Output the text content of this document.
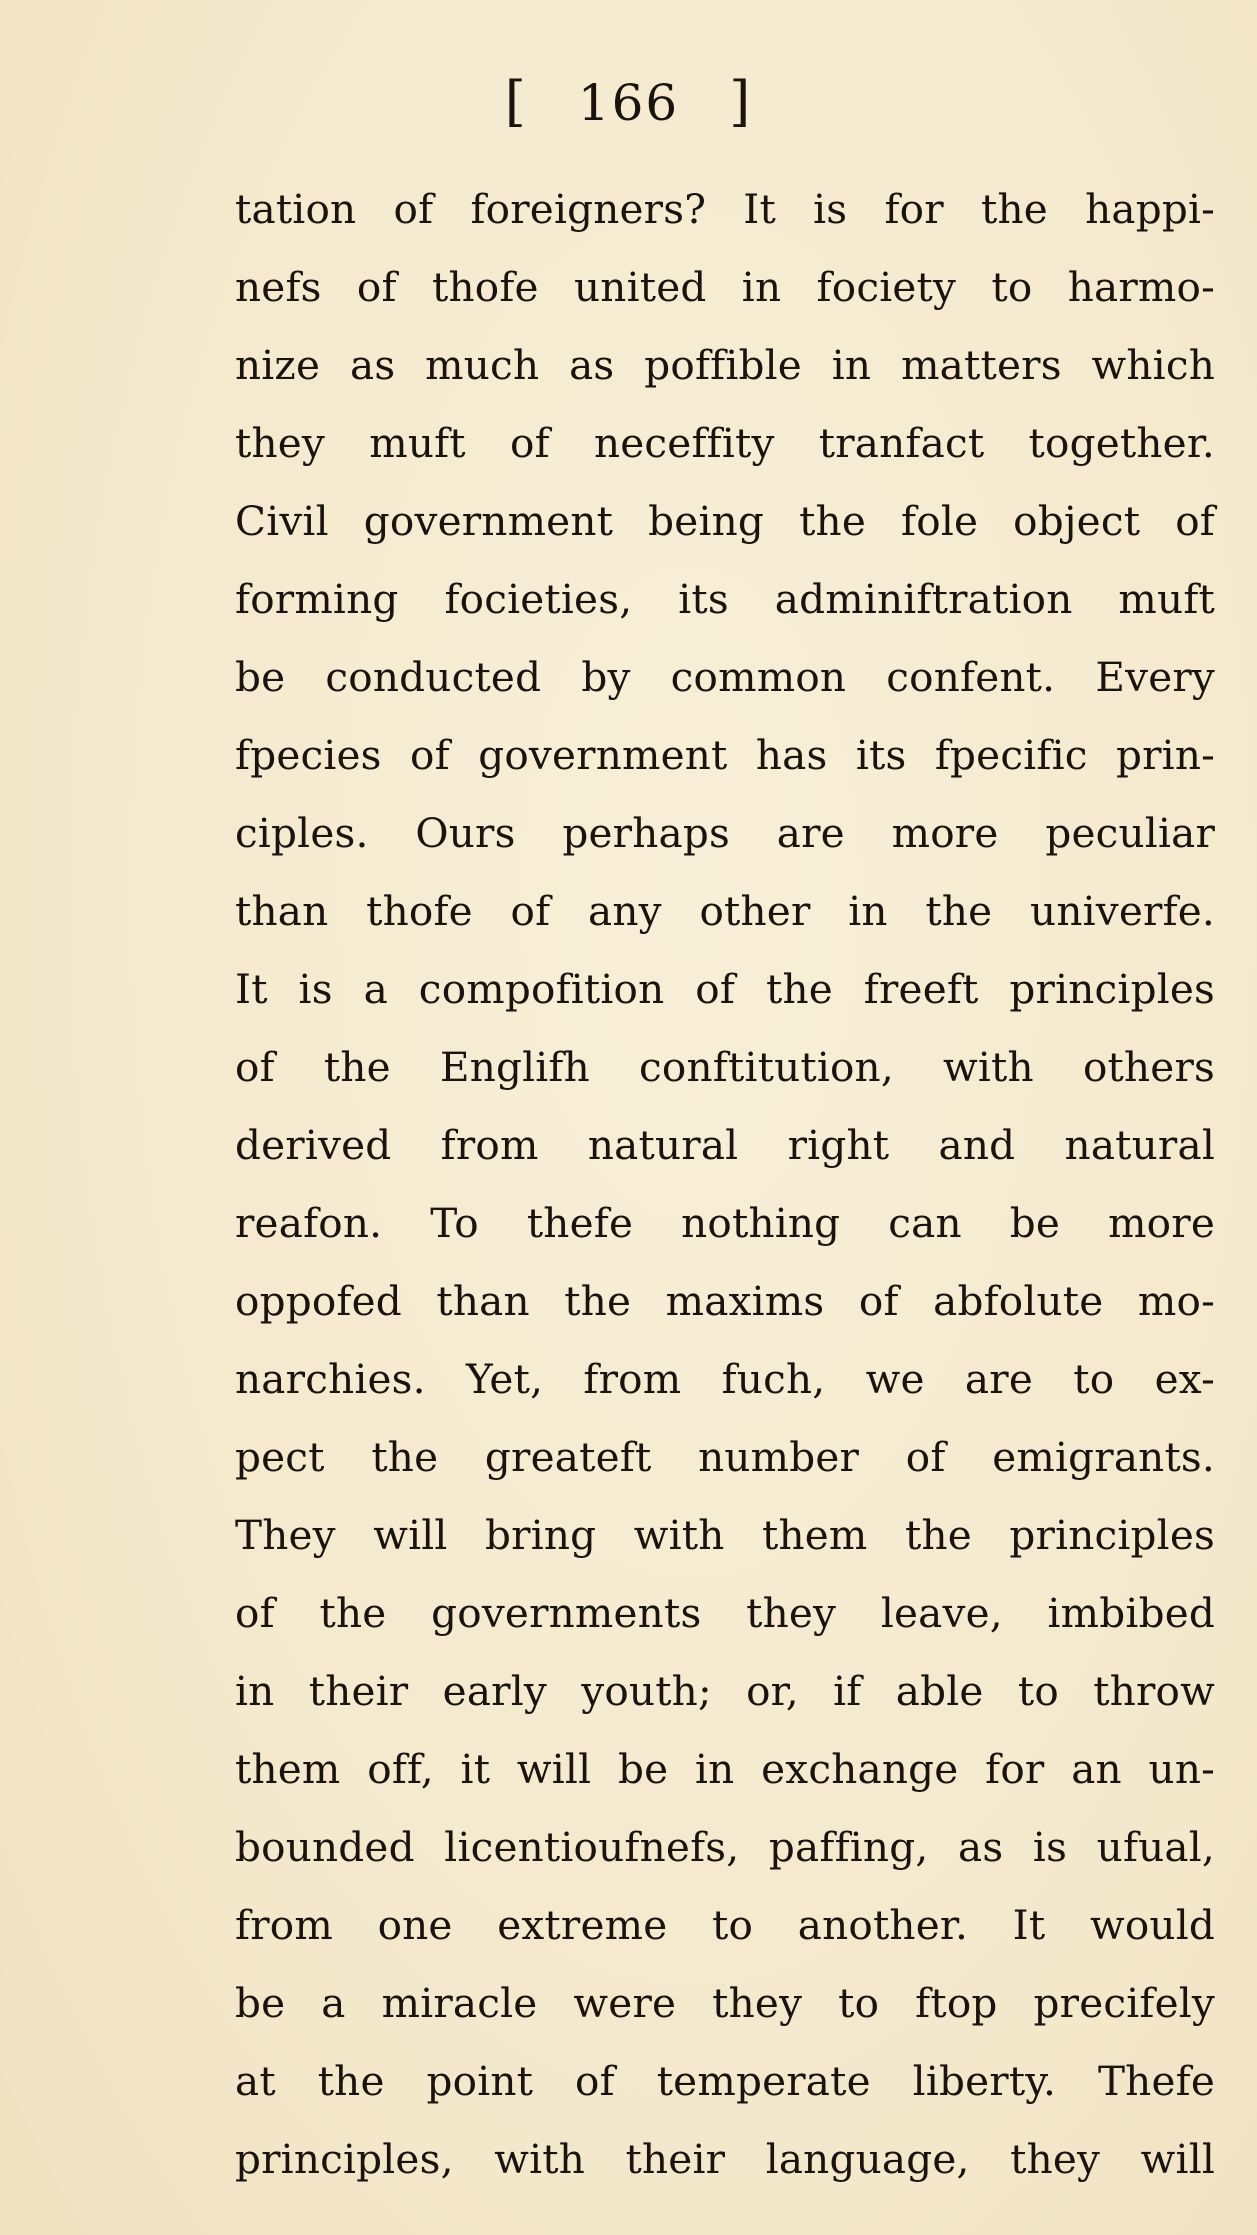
[ 166 ]
tation of foreigners? It is for the happi-
nefs of thofe united in fociety to harmo-
nize as much as poffible in matters which
they muft of neceffity tranfact together.
Civil government being the fole object of
forming focieties, its adminiftration muft
be conducted by common confent. Every
fpecies of government has its fpecific prin-
ciples. Ours perhaps are more peculiar
than thofe of any other in the univerfe.
It is a compofition of the freeft principles
of the Englifh conftitution, with others
derived from natural right and natural
reafon. To thefe nothing can be more
oppofed than the maxims of abfolute mo-
narchies. Yet, from fuch, we are to ex-
pect the greateft number of emigrants.
They will bring with them the principles
of the governments they leave, imbibed
in their early youth; or, if able to throw
them off, it will be in exchange for an un-
bounded licentioufnefs, paffing, as is ufual,
from one extreme to another. It would
be a miracle were they to ftop precifely
at the point of temperate liberty. Thefe
principles, with their language, they will
